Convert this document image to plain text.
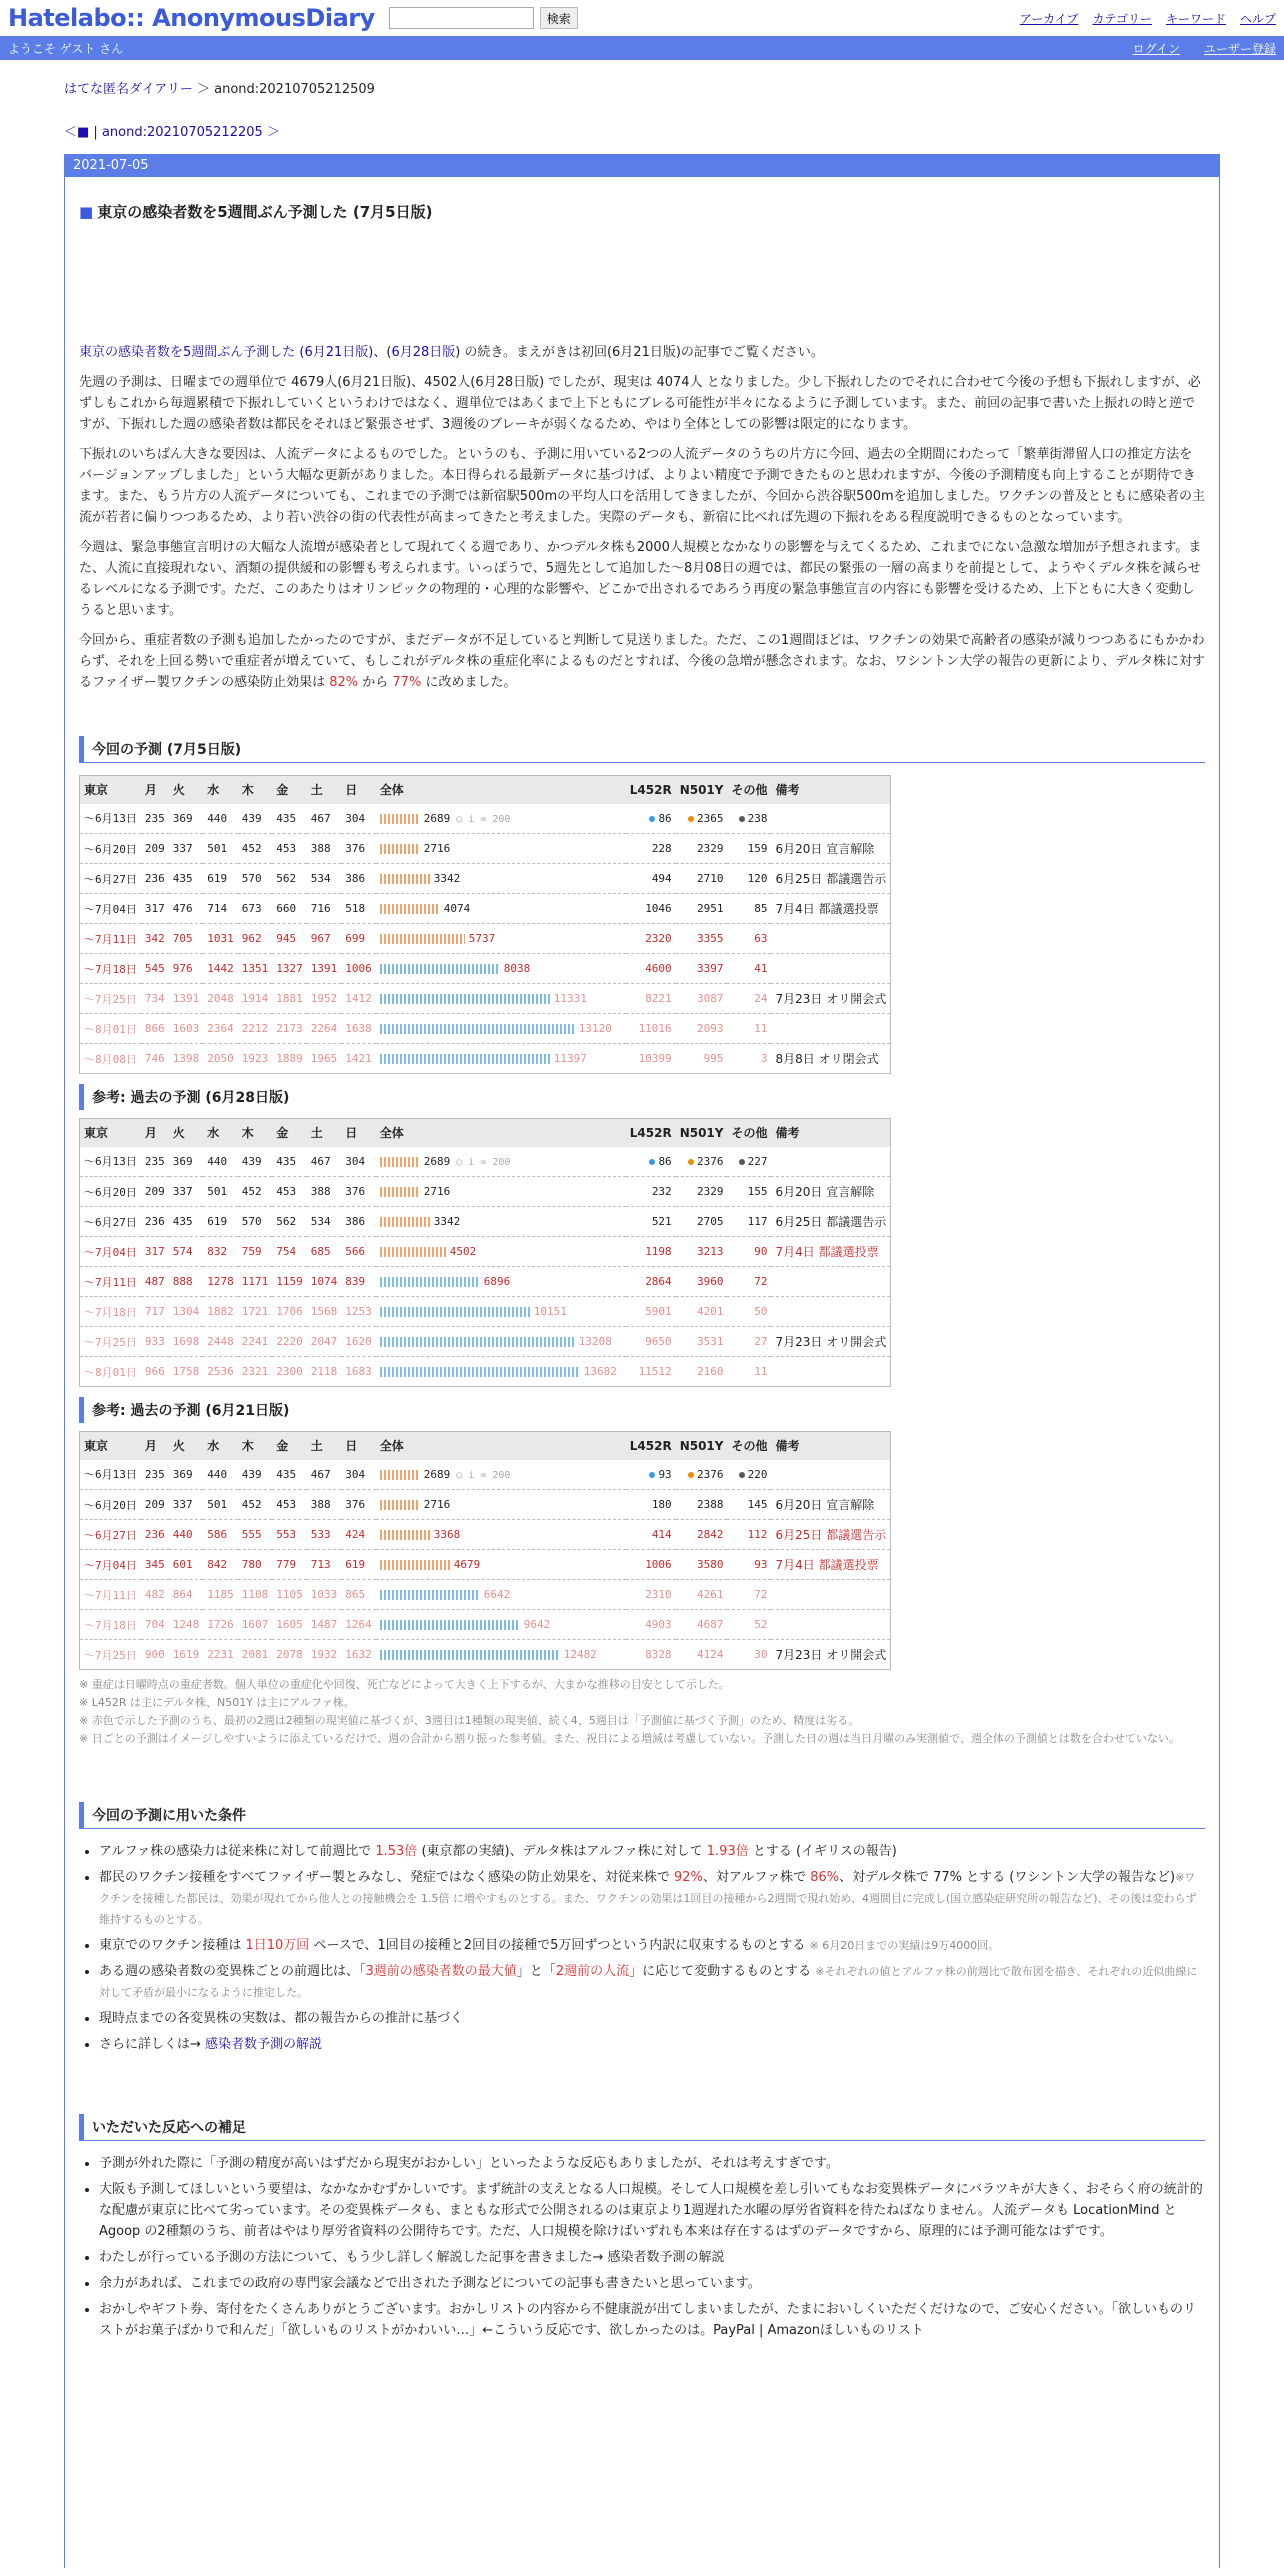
Hatelabo:: AnonymousDiary	検索	アーカイブ カテゴリー キーワード ヘルプ
ようこそ ゲスト さん	ログイン ユーザー登録
はてな匿名ダイアリー ＞ anond:20210705212509
＜■ | anond:20210705212205 ＞
2021-07-05
■ 東京の感染者数を5週間ぶん予測した (7月5日版)

東京の感染者数を5週間ぶん予測した (6月21日版)、(6月28日版) の続き。まえがきは初回(6月21日版)の記事でご覧ください。

先週の予測は、日曜までの週単位で 4679人(6月21日版)、4502人(6月28日版) でしたが、現実は 4074人 となりました。少し下振れしたのでそれに合わせて今後の予想も下振れしますが、必ずしもこれから毎週累積で下振れしていくというわけではなく、週単位ではあくまで上下ともにブレる可能性が半々になるように予測しています。また、前回の記事で書いた上振れの時と逆ですが、下振れした週の感染者数は都民をそれほど緊張させず、3週後のブレーキが弱くなるため、やはり全体としての影響は限定的になります。

下振れのいちばん大きな要因は、人流データによるものでした。というのも、予測に用いている2つの人流データのうちの片方に今回、過去の全期間にわたって「繁華街滞留人口の推定方法をバージョンアップしました」という大幅な更新がありました。本日得られる最新データに基づけば、よりよい精度で予測できたものと思われますが、今後の予測精度も向上することが期待できます。また、もう片方の人流データについても、これまでの予測では新宿駅500mの平均人口を活用してきましたが、今回から渋谷駅500mを追加しました。ワクチンの普及とともに感染者の主流が若者に偏りつつあるため、より若い渋谷の街の代表性が高まってきたと考えました。実際のデータも、新宿に比べれば先週の下振れをある程度説明できるものとなっています。

今週は、緊急事態宣言明けの大幅な人流増が感染者として現れてくる週であり、かつデルタ株も2000人規模となかなりの影響を与えてくるため、これまでにない急激な増加が予想されます。また、人流に直接現れない、酒類の提供緩和の影響も考えられます。いっぽうで、5週先として追加した～8月08日の週では、都民の緊張の一層の高まりを前提として、ようやくデルタ株を減らせるレベルになる予測です。ただ、このあたりはオリンピックの物理的・心理的な影響や、どこかで出されるであろう再度の緊急事態宣言の内容にも影響を受けるため、上下ともに大きく変動しうると思います。

今回から、重症者数の予測も追加したかったのですが、まだデータが不足していると判断して見送りました。ただ、この1週間ほどは、ワクチンの効果で高齢者の感染が減りつつあるにもかかわらず、それを上回る勢いで重症者が増えていて、もしこれがデルタ株の重症化率によるものだとすれば、今後の急増が懸念されます。なお、ワシントン大学の報告の更新により、デルタ株に対するファイザー製ワクチンの感染防止効果は 82% から 77% に改めました。

今回の予測 (7月5日版)
東京	月	火	水	木	金	土	日	全体	L452R	N501Y	その他	備考
～6月13日	235	369	440	439	435	467	304	2689 ○ i = 200	86	2365	238	
～6月20日	209	337	501	452	453	388	376	2716	228	2329	159	6月20日 宣言解除
～6月27日	236	435	619	570	562	534	386	3342	494	2710	120	6月25日 都議選告示
～7月04日	317	476	714	673	660	716	518	4074	1046	2951	85	7月4日 都議選投票
～7月11日	342	705	1031	962	945	967	699	5737	2320	3355	63	
～7月18日	545	976	1442	1351	1327	1391	1006	8038	4600	3397	41	
～7月25日	734	1391	2048	1914	1881	1952	1412	11331	8221	3087	24	7月23日 オリ開会式
～8月01日	866	1603	2364	2212	2173	2264	1638	13120	11016	2093	11	
～8月08日	746	1398	2050	1923	1889	1965	1421	11397	10399	995	3	8月8日 オリ閉会式
参考: 過去の予測 (6月28日版)
東京	月	火	水	木	金	土	日	全体	L452R	N501Y	その他	備考
～6月13日	235	369	440	439	435	467	304	2689 ○ i = 200	86	2376	227	
～6月20日	209	337	501	452	453	388	376	2716	232	2329	155	6月20日 宣言解除
～6月27日	236	435	619	570	562	534	386	3342	521	2705	117	6月25日 都議選告示
～7月04日	317	574	832	759	754	685	566	4502	1198	3213	90	7月4日 都議選投票
～7月11日	487	888	1278	1171	1159	1074	839	6896	2864	3960	72	
～7月18日	717	1304	1882	1721	1706	1568	1253	10151	5901	4201	50	
～7月25日	933	1698	2448	2241	2220	2047	1620	13208	9650	3531	27	7月23日 オリ開会式
～8月01日	966	1758	2536	2321	2300	2118	1683	13682	11512	2160	11	
参考: 過去の予測 (6月21日版)
東京	月	火	水	木	金	土	日	全体	L452R	N501Y	その他	備考
～6月13日	235	369	440	439	435	467	304	2689 ○ i = 200	93	2376	220	
～6月20日	209	337	501	452	453	388	376	2716	180	2388	145	6月20日 宣言解除
～6月27日	236	440	586	555	553	533	424	3368	414	2842	112	6月25日 都議選告示
～7月04日	345	601	842	780	779	713	619	4679	1006	3580	93	7月4日 都議選投票
～7月11日	482	864	1185	1108	1105	1033	865	6642	2310	4261	72	
～7月18日	704	1248	1726	1607	1605	1487	1264	9642	4903	4687	52	
～7月25日	900	1619	2231	2081	2078	1932	1632	12482	8328	4124	30	7月23日 オリ開会式
※ 重症は日曜時点の重症者数。個人単位の重症化や回復、死亡などによって大きく上下するが、大まかな推移の目安として示した。
※ L452R は主にデルタ株、N501Y は主にアルファ株。
※ 赤色で示した予測のうち、最初の2週は2種類の現実値に基づくが、3週目は1種類の現実値、続く4、5週目は「予測値に基づく予測」のため、精度は劣る。
※ 日ごとの予測はイメージしやすいように添えているだけで、週の合計から割り振った参考値。また、祝日による増減は考慮していない。予測した日の週は当日月曜のみ実測値で、週全体の予測値とは数を合わせていない。
今回の予測に用いた条件
• アルファ株の感染力は従来株に対して前週比で 1.53倍 (東京都の実績)、デルタ株はアルファ株に対して 1.93倍 とする (イギリスの報告)
• 都民のワクチン接種をすべてファイザー製とみなし、発症ではなく感染の防止効果を、対従来株で 92%、対アルファ株で 86%、対デルタ株で 77% とする (ワシントン大学の報告など)※ワクチンを接種した都民は、効果が現れてから他人との接触機会を 1.5倍 に増やすものとする。また、ワクチンの効果は1回目の接種から2週間で現れ始め、4週間目に完成し(国立感染症研究所の報告など)、その後は変わらず維持するものとする。
• 東京でのワクチン接種は 1日10万回 ペースで、1回目の接種と2回目の接種で5万回ずつという内訳に収束するものとする ※ 6月20日までの実績は9万4000回。
• ある週の感染者数の変異株ごとの前週比は、「3週前の感染者数の最大値」と「2週前の人流」に応じて変動するものとする ※それぞれの値とアルファ株の前週比で散布図を描き、それぞれの近似曲線に対して矛盾が最小になるように推定した。
• 現時点までの各変異株の実数は、都の報告からの推計に基づく
• さらに詳しくは→ 感染者数予測の解説
いただいた反応への補足
• 予測が外れた際に「予測の精度が高いはずだから現実がおかしい」といったような反応もありましたが、それは考えすぎです。
• 大阪も予測してほしいという要望は、なかなかむずかしいです。まず統計の支えとなる人口規模。そして人口規模を差し引いてもなお変異株データにバラツキが大きく、おそらく府の統計的な配慮が東京に比べて劣っています。その変異株データも、まともな形式で公開されるのは東京より1週遅れた水曜の厚労省資料を待たねばなりません。人流データも LocationMind と Agoop の2種類のうち、前者はやはり厚労省資料の公開待ちです。ただ、人口規模を除けばいずれも本来は存在するはずのデータですから、原理的には予測可能なはずです。
• わたしが行っている予測の方法について、もう少し詳しく解説した記事を書きました→ 感染者数予測の解説
• 余力があれば、これまでの政府の専門家会議などで出された予測などについての記事も書きたいと思っています。
• おかしやギフト券、寄付をたくさんありがとうございます。おかしリストの内容から不健康説が出てしまいましたが、たまにおいしくいただくだけなので、ご安心ください。「欲しいものリストがお菓子ばかりで和んだ」「欲しいものリストがかわいい…」←こういう反応です、欲しかったのは。PayPal | Amazonほしいものリスト
